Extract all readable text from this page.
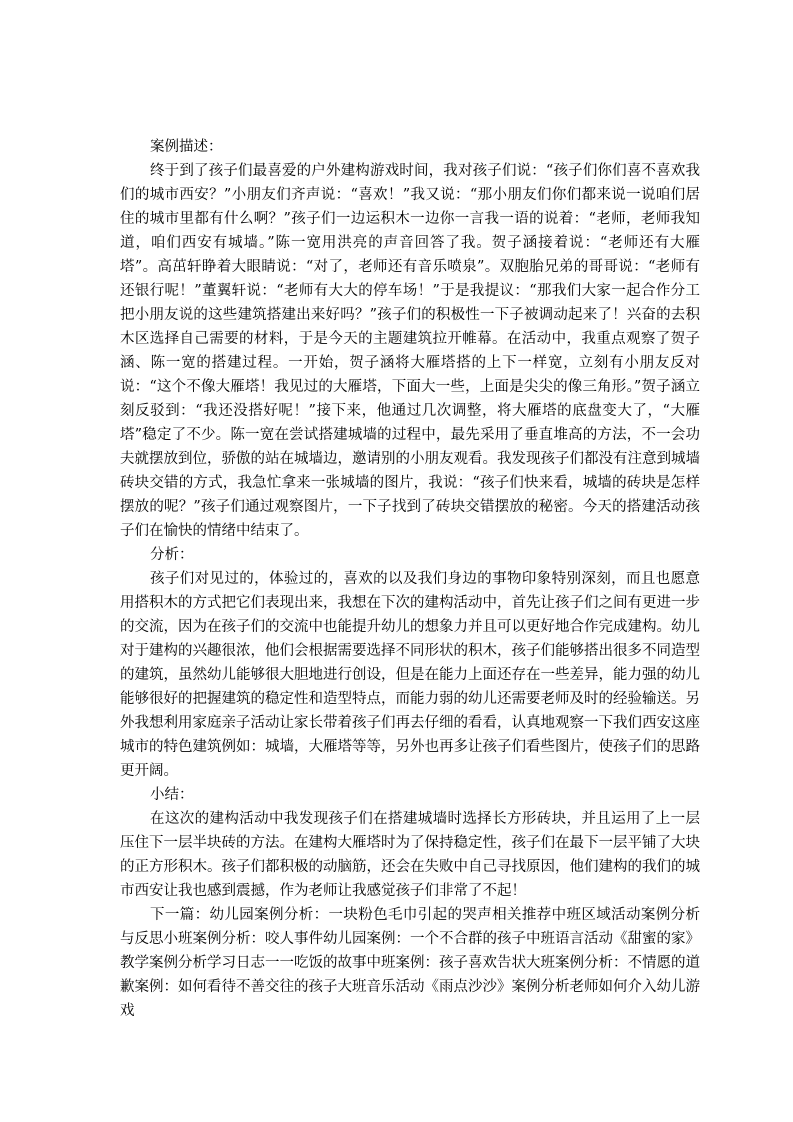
案例描述：

终于到了孩子们最喜爱的户外建构游戏时间，我对孩子们说：“孩子们你们喜不喜欢我们的城市西安？”小朋友们齐声说：“喜欢！”我又说：“那小朋友们你们都来说一说咱们居住的城市里都有什么啊？”孩子们一边运积木一边你一言我一语的说着：“老师，老师我知道，咱们西安有城墙。”陈一宽用洪亮的声音回答了我。贺子涵接着说：“老师还有大雁塔”。高茁轩睁着大眼睛说：“对了，老师还有音乐喷泉”。双胞胎兄弟的哥哥说：“老师有还银行呢！”董翼轩说：“老师有大大的停车场！”于是我提议：“那我们大家一起合作分工把小朋友说的这些建筑搭建出来好吗？”孩子们的积极性一下子被调动起来了！兴奋的去积木区选择自己需要的材料，于是今天的主题建筑拉开帷幕。在活动中，我重点观察了贺子涵、陈一宽的搭建过程。一开始，贺子涵将大雁塔搭的上下一样宽，立刻有小朋友反对说：“这个不像大雁塔！我见过的大雁塔，下面大一些，上面是尖尖的像三角形。”贺子涵立刻反驳到：“我还没搭好呢！”接下来，他通过几次调整，将大雁塔的底盘变大了，“大雁塔”稳定了不少。陈一宽在尝试搭建城墙的过程中，最先采用了垂直堆高的方法，不一会功夫就摆放到位，骄傲的站在城墙边，邀请别的小朋友观看。我发现孩子们都没有注意到城墙砖块交错的方式，我急忙拿来一张城墙的图片，我说：“孩子们快来看，城墙的砖块是怎样摆放的呢？”孩子们通过观察图片，一下子找到了砖块交错摆放的秘密。今天的搭建活动孩子们在愉快的情绪中结束了。

分析：

孩子们对见过的，体验过的，喜欢的以及我们身边的事物印象特别深刻，而且也愿意用搭积木的方式把它们表现出来，我想在下次的建构活动中，首先让孩子们之间有更进一步的交流，因为在孩子们的交流中也能提升幼儿的想象力并且可以更好地合作完成建构。幼儿对于建构的兴趣很浓，他们会根据需要选择不同形状的积木，孩子们能够搭出很多不同造型的建筑，虽然幼儿能够很大胆地进行创设，但是在能力上面还存在一些差异，能力强的幼儿能够很好的把握建筑的稳定性和造型特点，而能力弱的幼儿还需要老师及时的经验输送。另外我想利用家庭亲子活动让家长带着孩子们再去仔细的看看，认真地观察一下我们西安这座城市的特色建筑例如：城墙，大雁塔等等，另外也再多让孩子们看些图片，使孩子们的思路更开阔。

小结：

在这次的建构活动中我发现孩子们在搭建城墙时选择长方形砖块，并且运用了上一层压住下一层半块砖的方法。在建构大雁塔时为了保持稳定性，孩子们在最下一层平铺了大块的正方形积木。孩子们都积极的动脑筋，还会在失败中自己寻找原因，他们建构的我们的城市西安让我也感到震撼，作为老师让我感觉孩子们非常了不起！

下一篇：幼儿园案例分析：一块粉色毛巾引起的哭声相关推荐中班区域活动案例分析与反思小班案例分析：咬人事件幼儿园案例：一个不合群的孩子中班语言活动《甜蜜的家》教学案例分析学习日志一一吃饭的故事中班案例：孩子喜欢告状大班案例分析：不情愿的道歉案例：如何看待不善交往的孩子大班音乐活动《雨点沙沙》案例分析老师如何介入幼儿游戏
